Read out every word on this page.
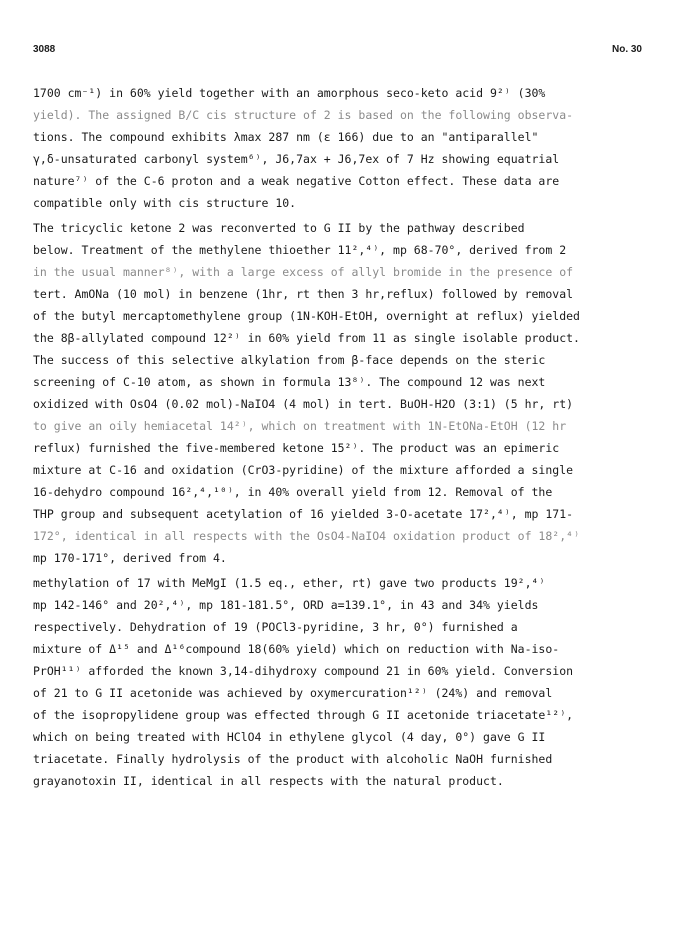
3088	No. 30
1700 cm⁻¹) in 60% yield together with an amorphous seco-keto acid 9²⁾ (30%
yield). The assigned B/C cis structure of 2 is based on the following observa-
tions. The compound exhibits λmax 287 nm (ε 166) due to an "antiparallel"
γ,δ-unsaturated carbonyl system⁶⁾, J6,7ax + J6,7ex of 7 Hz showing equatrial
nature⁷⁾ of the C-6 proton and a weak negative Cotton effect. These data are
compatible only with cis structure 10.
The tricyclic ketone 2 was reconverted to G II by the pathway described
below. Treatment of the methylene thioether 11²,⁴⁾, mp 68-70°, derived from 2
in the usual manner⁸⁾, with a large excess of allyl bromide in the presence of
tert. AmONa (10 mol) in benzene (1hr, rt then 3 hr,reflux) followed by removal
of the butyl mercaptomethylene group (1N-KOH-EtOH, overnight at reflux) yielded
the 8β-allylated compound 12²⁾ in 60% yield from 11 as single isolable product.
The success of this selective alkylation from β-face depends on the steric
screening of C-10 atom, as shown in formula 13⁸⁾. The compound 12 was next
oxidized with OsO4 (0.02 mol)-NaIO4 (4 mol) in tert. BuOH-H2O (3:1) (5 hr, rt)
to give an oily hemiacetal 14²⁾, which on treatment with 1N-EtONa-EtOH (12 hr
reflux) furnished the five-membered ketone 15²⁾. The product was an epimeric
mixture at C-16 and oxidation (CrO3-pyridine) of the mixture afforded a single
16-dehydro compound 16²,⁴,¹⁰⁾, in 40% overall yield from 12. Removal of the
THP group and subsequent acetylation of 16 yielded 3-O-acetate 17²,⁴⁾, mp 171-
172°, identical in all respects with the OsO4-NaIO4 oxidation product of 18²,⁴⁾
mp 170-171°, derived from 4.
methylation of 17 with MeMgI (1.5 eq., ether, rt) gave two products 19²,⁴⁾
mp 142-146° and 20²,⁴⁾, mp 181-181.5°, ORD a=139.1°, in 43 and 34% yields
respectively. Dehydration of 19 (POCl3-pyridine, 3 hr, 0°) furnished a
mixture of Δ¹⁵ and Δ¹⁶compound 18(60% yield) which on reduction with Na-iso-
PrOH¹¹⁾ afforded the known 3,14-dihydroxy compound 21 in 60% yield. Conversion
of 21 to G II acetonide was achieved by oxymercuration¹²⁾ (24%) and removal
of the isopropylidene group was effected through G II acetonide triacetate¹²⁾,
which on being treated with HClO4 in ethylene glycol (4 day, 0°) gave G II
triacetate. Finally hydrolysis of the product with alcoholic NaOH furnished
grayanotoxin II, identical in all respects with the natural product.
